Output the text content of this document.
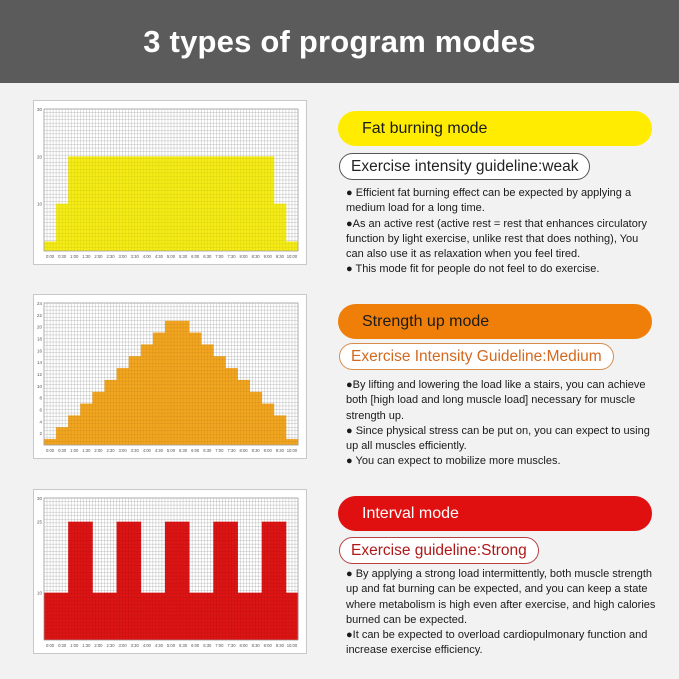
3 types of program modes
10
20
30
0:00 0:30 1:00 1:30 2:00 2:30 3:00 3:30 4:00 4:30 5:00 5:30 6:00 6:30 7:00 7:30 8:00 8:30 9:00 9:30 10:00
Fat burning mode
Exercise intensity guideline:weak

● Efficient fat burning effect can be expected by applying a medium load for a long time.

●As an active rest (active rest = rest that enhances circulatory function by light exercise, unlike rest that does nothing), You can also use it as relaxation when you feel tired.

● This mode fit for people do not feel to do exercise.

2
4
6
8
10
12
14
16
18
20
22
24
0:00 0:30 1:00 1:30 2:00 2:30 3:00 3:30 4:00 4:30 5:00 5:30 6:00 6:30 7:00 7:30 8:00 8:30 9:00 9:30 10:00
Strength up mode
Exercise Intensity Guideline:Medium

●By lifting and lowering the load like a stairs, you can achieve both [high load and long muscle load] necessary for muscle strength up.

● Since physical stress can be put on, you can expect to using up all muscles efficiently.

● You can expect to mobilize more muscles.

10
25
30
0:00 0:30 1:00 1:30 2:00 2:30 3:00 3:30 4:00 4:30 5:00 5:30 6:00 6:30 7:00 7:30 8:00 8:30 9:00 9:30 10:00
Interval mode
Exercise guideline:Strong

● By applying a strong load intermittently, both muscle strength up and fat burning can be expected, and you can keep a state where metabolism is high even after exercise, and high calories burned can be expected.

●It can be expected to overload cardiopulmonary function and increase exercise efficiency.
